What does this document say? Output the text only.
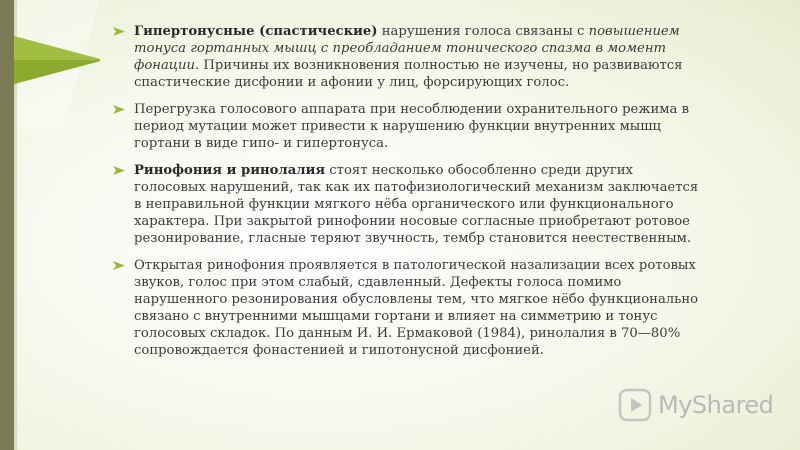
Гипертонусные (спастические) нарушения голоса связаны с повышением тонуса гортанных мышц с преобладанием тонического спазма в момент фонации. Причины их возникновения полностью не изучены, но развиваются спастические дисфонии и афонии у лиц, форсирующих голос.
Перегрузка голосового аппарата при несоблюдении охранительного режима в период мутации может привести к нарушению функции внутренних мышц гортани в виде гипо- и гипертонуса.
Ринофония и ринолалия стоят несколько обособленно среди других голосовых нарушений, так как их патофизиологический механизм заключается в неправильной функции мягкого нёба органического или функционального характера. При закрытой ринофонии носовые согласные приобретают ротовое резонирование, гласные теряют звучность, тембр становится неестественным.
Открытая ринофония проявляется в патологической назализации всех ротовых звуков, голос при этом слабый, сдавленный. Дефекты голоса помимо нарушенного резонирования обусловлены тем, что мягкое нёбо функционально связано с внутренними мышцами гортани и влияет на симметрию и тонус голосовых складок. По данным И. И. Ермаковой (1984), ринолалия в 70—80% сопровождается фонастенией и гипотонусной дисфонией.
MyShared
